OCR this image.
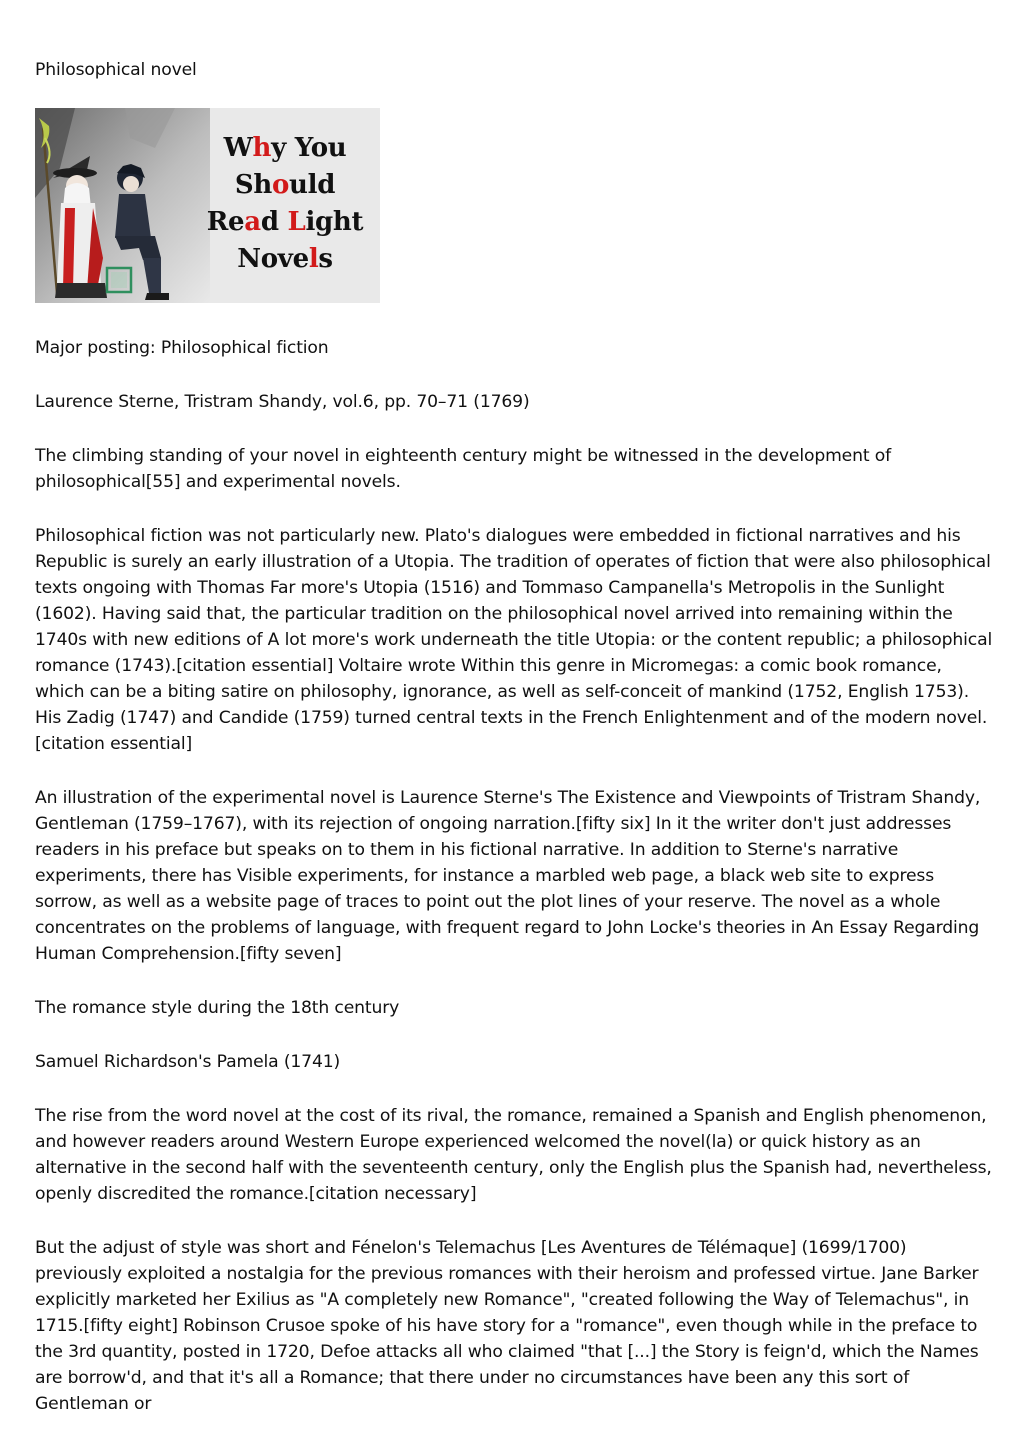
Philosophical novel

Why You
Should
Read Light
Novels

Major posting: Philosophical fiction

Laurence Sterne, Tristram Shandy, vol.6, pp. 70–71 (1769)

The climbing standing of your novel in eighteenth century might be witnessed in the development of philosophical[55] and experimental novels.

Philosophical fiction was not particularly new. Plato's dialogues were embedded in fictional narratives and his Republic is surely an early illustration of a Utopia. The tradition of operates of fiction that were also philosophical texts ongoing with Thomas Far more's Utopia (1516) and Tommaso Campanella's Metropolis in the Sunlight (1602). Having said that, the particular tradition on the philosophical novel arrived into remaining within the 1740s with new editions of A lot more's work underneath the title Utopia: or the content republic; a philosophical romance (1743).[citation essential] Voltaire wrote Within this genre in Micromegas: a comic book romance, which can be a biting satire on philosophy, ignorance, as well as self-conceit of mankind (1752, English 1753). His Zadig (1747) and Candide (1759) turned central texts in the French Enlightenment and of the modern novel.[citation essential]

An illustration of the experimental novel is Laurence Sterne's The Existence and Viewpoints of Tristram Shandy, Gentleman (1759–1767), with its rejection of ongoing narration.[fifty six] In it the writer don't just addresses readers in his preface but speaks on to them in his fictional narrative. In addition to Sterne's narrative experiments, there has Visible experiments, for instance a marbled web page, a black web site to express sorrow, as well as a website page of traces to point out the plot lines of your reserve. The novel as a whole concentrates on the problems of language, with frequent regard to John Locke's theories in An Essay Regarding Human Comprehension.[fifty seven]

The romance style during the 18th century

Samuel Richardson's Pamela (1741)

The rise from the word novel at the cost of its rival, the romance, remained a Spanish and English phenomenon, and however readers around Western Europe experienced welcomed the novel(la) or quick history as an alternative in the second half with the seventeenth century, only the English plus the Spanish had, nevertheless, openly discredited the romance.[citation necessary]

But the adjust of style was short and Fénelon's Telemachus [Les Aventures de Télémaque] (1699/1700) previously exploited a nostalgia for the previous romances with their heroism and professed virtue. Jane Barker explicitly marketed her Exilius as "A completely new Romance", "created following the Way of Telemachus", in 1715.[fifty eight] Robinson Crusoe spoke of his have story for a "romance", even though while in the preface to the 3rd quantity, posted in 1720, Defoe attacks all who claimed "that [...] the Story is feign'd, which the Names are borrow'd, and that it's all a Romance; that there under no circumstances have been any this sort of Gentleman or
